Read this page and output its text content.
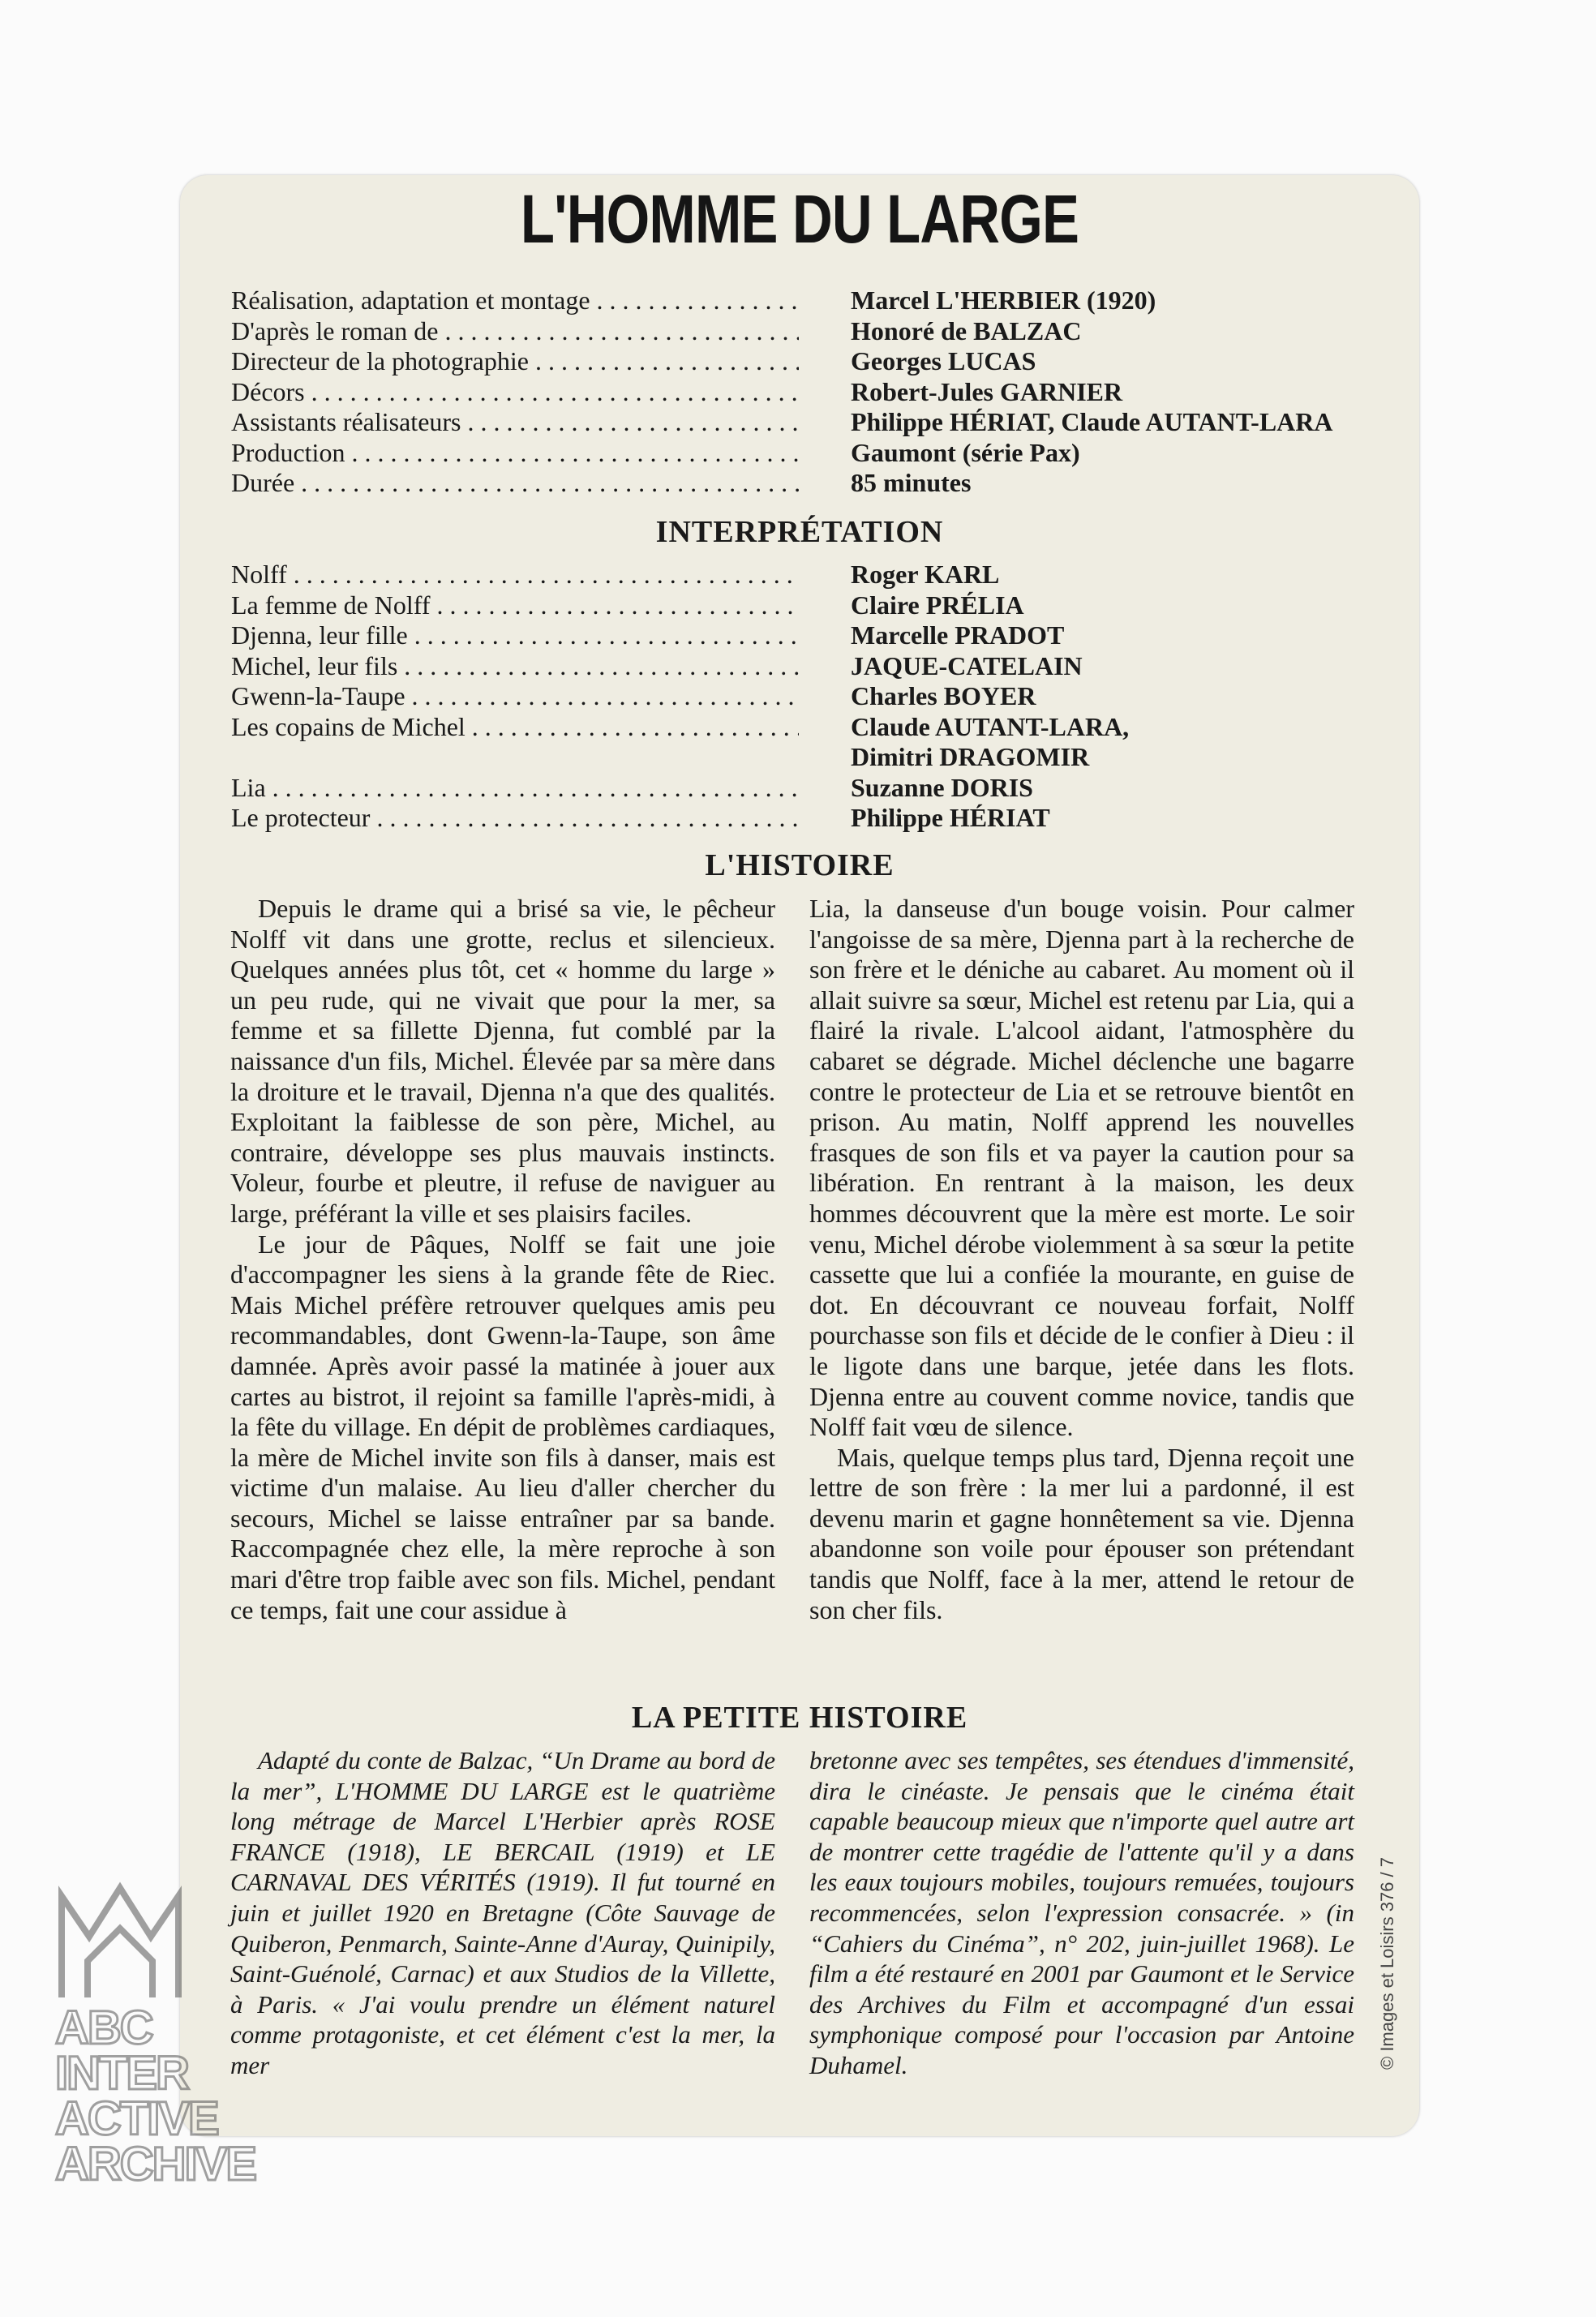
L'HOMME DU LARGE
Réalisation, adaptation et montage . . .	Marcel L'HERBIER (1920)
D'après le roman de . . .	Honoré de BALZAC
Directeur de la photographie . . .	Georges LUCAS
Décors . . .	Robert-Jules GARNIER
Assistants réalisateurs . . .	Philippe HÉRIAT, Claude AUTANT-LARA
Production . . .	Gaumont (série Pax)
Durée . . .	85 minutes
INTERPRÉTATION
Nolff . . .	Roger KARL
La femme de Nolff . . .	Claire PRÉLIA
Djenna, leur fille . . .	Marcelle PRADOT
Michel, leur fils . . .	JAQUE-CATELAIN
Gwenn-la-Taupe . . .	Charles BOYER
Les copains de Michel . . .	Claude AUTANT-LARA,
Dimitri DRAGOMIR
Lia . . .	Suzanne DORIS
Le protecteur . . .	Philippe HÉRIAT
L'HISTOIRE

Depuis le drame qui a brisé sa vie, le pêcheur Nolff vit dans une grotte, reclus et silencieux. Quelques années plus tôt, cet « homme du large » un peu rude, qui ne vivait que pour la mer, sa femme et sa fillette Djenna, fut comblé par la naissance d'un fils, Michel. Élevée par sa mère dans la droiture et le travail, Djenna n'a que des qualités. Exploitant la faiblesse de son père, Michel, au contraire, développe ses plus mauvais instincts. Voleur, fourbe et pleutre, il refuse de naviguer au large, préférant la ville et ses plaisirs faciles.

Le jour de Pâques, Nolff se fait une joie d'accompagner les siens à la grande fête de Riec. Mais Michel préfère retrouver quelques amis peu recommandables, dont Gwenn-la-Taupe, son âme damnée. Après avoir passé la matinée à jouer aux cartes au bistrot, il rejoint sa famille l'après-midi, à la fête du village. En dépit de problèmes cardiaques, la mère de Michel invite son fils à danser, mais est victime d'un malaise. Au lieu d'aller chercher du secours, Michel se laisse entraîner par sa bande. Raccompagnée chez elle, la mère reproche à son mari d'être trop faible avec son fils. Michel, pendant ce temps, fait une cour assidue à

Lia, la danseuse d'un bouge voisin. Pour calmer l'angoisse de sa mère, Djenna part à la recherche de son frère et le déniche au cabaret. Au moment où il allait suivre sa sœur, Michel est retenu par Lia, qui a flairé la rivale. L'alcool aidant, l'atmosphère du cabaret se dégrade. Michel déclenche une bagarre contre le protecteur de Lia et se retrouve bientôt en prison. Au matin, Nolff apprend les nouvelles frasques de son fils et va payer la caution pour sa libération. En rentrant à la maison, les deux hommes découvrent que la mère est morte. Le soir venu, Michel dérobe violemment à sa sœur la petite cassette que lui a confiée la mourante, en guise de dot. En découvrant ce nouveau forfait, Nolff pourchasse son fils et décide de le confier à Dieu : il le ligote dans une barque, jetée dans les flots. Djenna entre au couvent comme novice, tandis que Nolff fait vœu de silence.

Mais, quelque temps plus tard, Djenna reçoit une lettre de son frère : la mer lui a pardonné, il est devenu marin et gagne honnêtement sa vie. Djenna abandonne son voile pour épouser son prétendant tandis que Nolff, face à la mer, attend le retour de son cher fils.

LA PETITE HISTOIRE

Adapté du conte de Balzac, “Un Drame au bord de la mer”, L'HOMME DU LARGE est le quatrième long métrage de Marcel L'Herbier après ROSE FRANCE (1918), LE BERCAIL (1919) et LE CARNAVAL DES VÉRITÉS (1919). Il fut tourné en juin et juillet 1920 en Bretagne (Côte Sauvage de Quiberon, Penmarch, Sainte-Anne d'Auray, Quinipily, Saint-Guénolé, Carnac) et aux Studios de la Villette, à Paris. « J'ai voulu prendre un élément naturel comme protagoniste, et cet élément c'est la mer, la mer

bretonne avec ses tempêtes, ses étendues d'immensité, dira le cinéaste. Je pensais que le cinéma était capable beaucoup mieux que n'importe quel autre art de montrer cette tragédie de l'attente qu'il y a dans les eaux toujours mobiles, toujours remuées, toujours recommencées, selon l'expression consacrée. » (in “Cahiers du Cinéma”, n° 202, juin-juillet 1968). Le film a été restauré en 2001 par Gaumont et le Service des Archives du Film et accompagné d'un essai symphonique composé pour l'occasion par Antoine Duhamel.	© Images et Loisirs 376 / 7
ABC
INTER
ACTIVE
ARCHIVE
